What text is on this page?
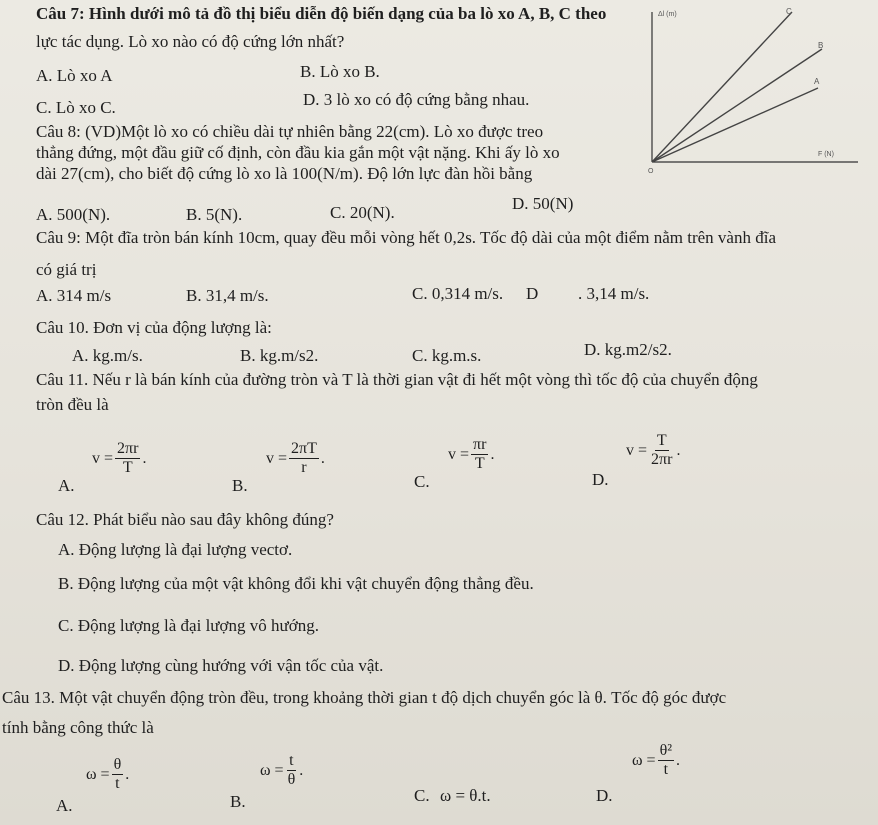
Câu 7: Hình dưới mô tả đồ thị biểu diễn độ biến dạng của ba lò xo A, B, C theo
lực tác dụng. Lò xo nào có độ cứng lớn nhất?
A. Lò xo A	B. Lò xo B.
C. Lò xo C.	D. 3 lò xo có độ cứng bằng nhau.
Δl (m)	C
B
A
F (N)
O
Câu 8: (VD)Một lò xo có chiều dài tự nhiên bằng 22(cm). Lò xo được treo
thẳng đứng, một đầu giữ cố định, còn đầu kia gắn một vật nặng. Khi ấy lò xo
dài 27(cm), cho biết độ cứng lò xo là 100(N/m). Độ lớn lực đàn hồi bằng
A. 500(N).	B. 5(N).	C. 20(N).	D. 50(N)
Câu 9: Một đĩa tròn bán kính 10cm, quay đều mỗi vòng hết 0,2s. Tốc độ dài của một điểm nằm trên vành đĩa
có giá trị
A. 314 m/s	B. 31,4 m/s.	C. 0,314 m/s. D . 3,14 m/s.
Câu 10. Đơn vị của động lượng là:
A. kg.m/s.	B. kg.m/s2.	C. kg.m.s.	D. kg.m2/s2.
Câu 11. Nếu r là bán kính của đường tròn và T là thời gian vật đi hết một vòng thì tốc độ của chuyển động
tròn đều là
A.
$v = \frac{2\pi r}{T}$ .
B.
$v = \frac{2\pi T}{r}$ .
C.
$v = \frac{\pi r}{T}$ .
D.
$v = \frac{T}{2\pi r}$ .
Câu 12. Phát biểu nào sau đây không đúng?
A. Động lượng là đại lượng vectơ.
B. Động lượng của một vật không đổi khi vật chuyển động thẳng đều.
C. Động lượng là đại lượng vô hướng.
D. Động lượng cùng hướng với vận tốc của vật.
Câu 13. Một vật chuyển động tròn đều, trong khoảng thời gian t độ dịch chuyển góc là θ. Tốc độ góc được
tính bằng công thức là
A.
$\omega = \frac{\theta}{t}$ .
B.
$\omega = \frac{t}{\theta}$ .
C. ω = θ.t.	D.
$\omega = \frac{\text{θ²}}{t}$ .
